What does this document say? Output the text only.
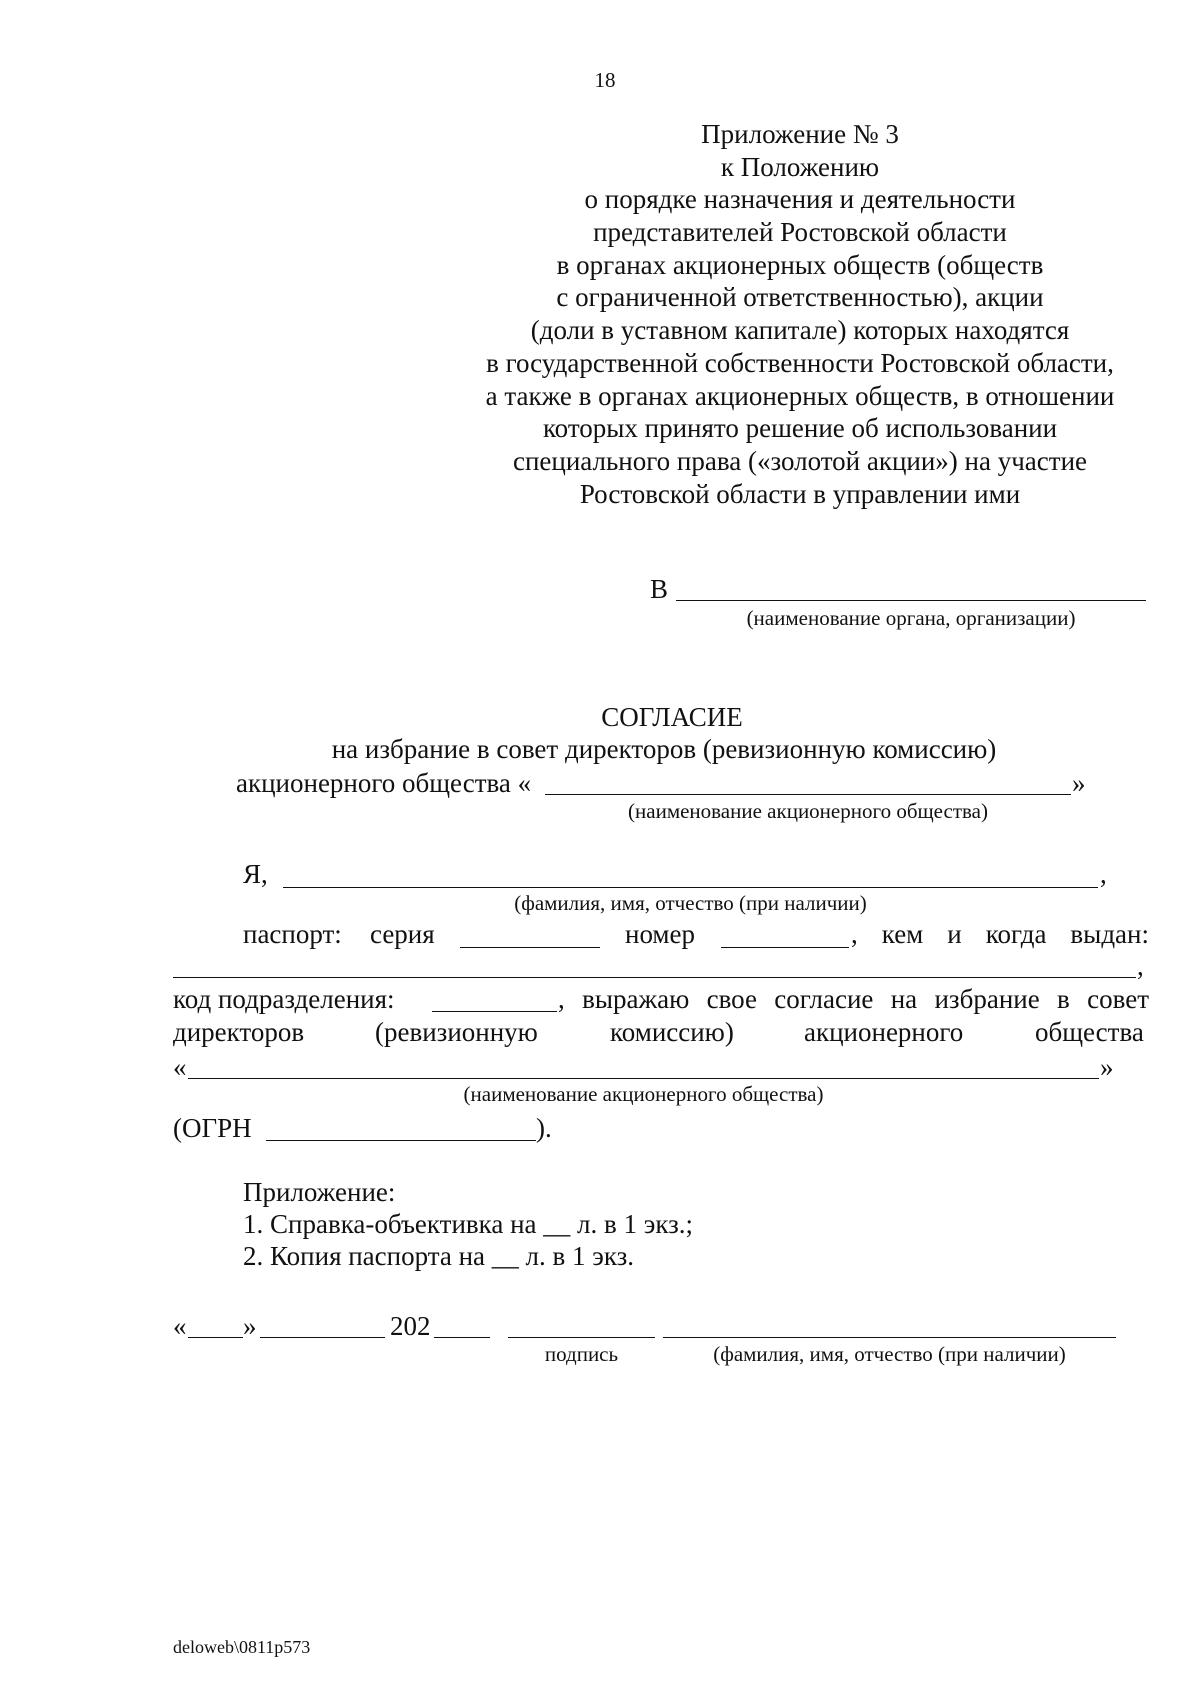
18
Приложение № 3
к Положению
о порядке назначения и деятельности
представителей Ростовской области
в органах акционерных обществ (обществ
с ограниченной ответственностью), акции
(доли в уставном капитале) которых находятся
в государственной собственности Ростовской области,
а также в органах акционерных обществ, в отношении
которых принято решение об использовании
специального права («золотой акции») на участие
Ростовской области в управлении ими
В
(наименование органа, организации)
СОГЛАСИЕ
на избрание в совет директоров (ревизионную комиссию)
акционерного общества «	»
(наименование акционерного общества)
Я,	,
(фамилия, имя, отчество (при наличии)
паспорт: серия	номер	, кем и когда выдан:
,
код подразделения:	, выражаю свое согласие на избрание в совет
директоров	(ревизионную	комиссию)	акционерного	общества
«	»
(наименование акционерного общества)
(ОГРН	).
Приложение:
1. Справка-объективка на __ л. в 1 экз.;
2. Копия паспорта на __ л. в 1 экз.
« »	202
подпись	(фамилия, имя, отчество (при наличии)
deloweb\0811p573
